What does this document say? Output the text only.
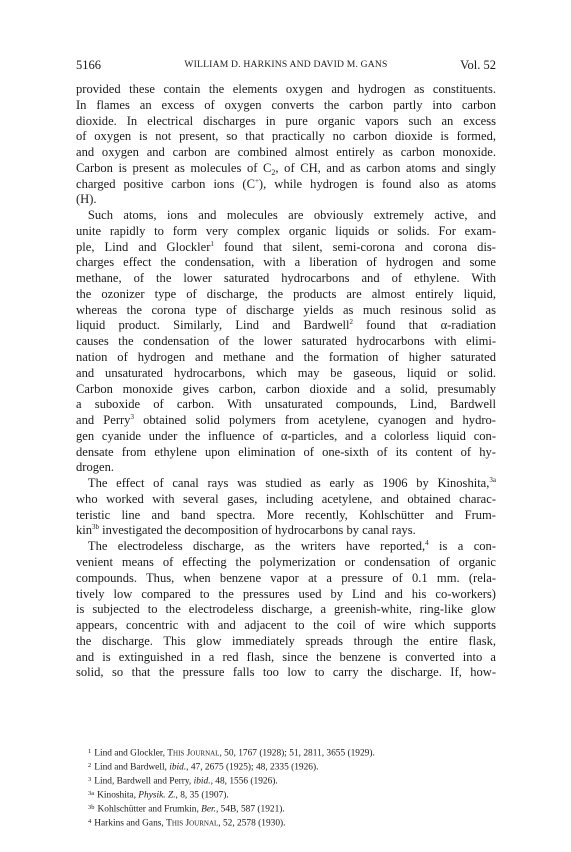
5166	WILLIAM D. HARKINS AND DAVID M. GANS	Vol. 52
provided these contain the elements oxygen and hydrogen as constituents.
In flames an excess of oxygen converts the carbon partly into carbon
dioxide. In electrical discharges in pure organic vapors such an excess
of oxygen is not present, so that practically no carbon dioxide is formed,
and oxygen and carbon are combined almost entirely as carbon monoxide.
Carbon is present as molecules of $C_2$, of CH, and as carbon atoms and singly
charged positive carbon ions (C+), while hydrogen is found also as atoms
(H).
Such atoms, ions and molecules are obviously extremely active, and
unite rapidly to form very complex organic liquids or solids. For exam-
ple, Lind and Glockler$^1$ found that silent, semi-corona and corona dis-
charges effect the condensation, with a liberation of hydrogen and some
methane, of the lower saturated hydrocarbons and of ethylene. With
the ozonizer type of discharge, the products are almost entirely liquid,
whereas the corona type of discharge yields as much resinous solid as
liquid product. Similarly, Lind and Bardwell$^2$ found that α-radiation
causes the condensation of the lower saturated hydrocarbons with elimi-
nation of hydrogen and methane and the formation of higher saturated
and unsaturated hydrocarbons, which may be gaseous, liquid or solid.
Carbon monoxide gives carbon, carbon dioxide and a solid, presumably
a suboxide of carbon. With unsaturated compounds, Lind, Bardwell
and Perry$^3$ obtained solid polymers from acetylene, cyanogen and hydro-
gen cyanide under the influence of α-particles, and a colorless liquid con-
densate from ethylene upon elimination of one-sixth of its content of hy-
drogen.
The effect of canal rays was studied as early as 1906 by Kinoshita,$^{3a}$
who worked with several gases, including acetylene, and obtained charac-
teristic line and band spectra. More recently, Kohlschütter and Frum-
kin$^{3b}$ investigated the decomposition of hydrocarbons by canal rays.
The electrodeless discharge, as the writers have reported,$^4$ is a con-
venient means of effecting the polymerization or condensation of organic
compounds. Thus, when benzene vapor at a pressure of 0.1 mm. (rela-
tively low compared to the pressures used by Lind and his co-workers)
is subjected to the electrodeless discharge, a greenish-white, ring-like glow
appears, concentric with and adjacent to the coil of wire which supports
the discharge. This glow immediately spreads through the entire flask,
and is extinguished in a red flash, since the benzene is converted into a
solid, so that the pressure falls too low to carry the discharge. If, how-
$^1$ Lind and Glockler, This Journal, 50, 1767 (1928); 51, 2811, 3655 (1929).
$^2$ Lind and Bardwell, ibid., 47, 2675 (1925); 48, 2335 (1926).
$^3$ Lind, Bardwell and Perry, ibid., 48, 1556 (1926).
$^{3a}$ Kinoshita, Physik. Z., 8, 35 (1907).
$^{3b}$ Kohlschütter and Frumkin, Ber., 54B, 587 (1921).
$^4$ Harkins and Gans, This Journal, 52, 2578 (1930).
